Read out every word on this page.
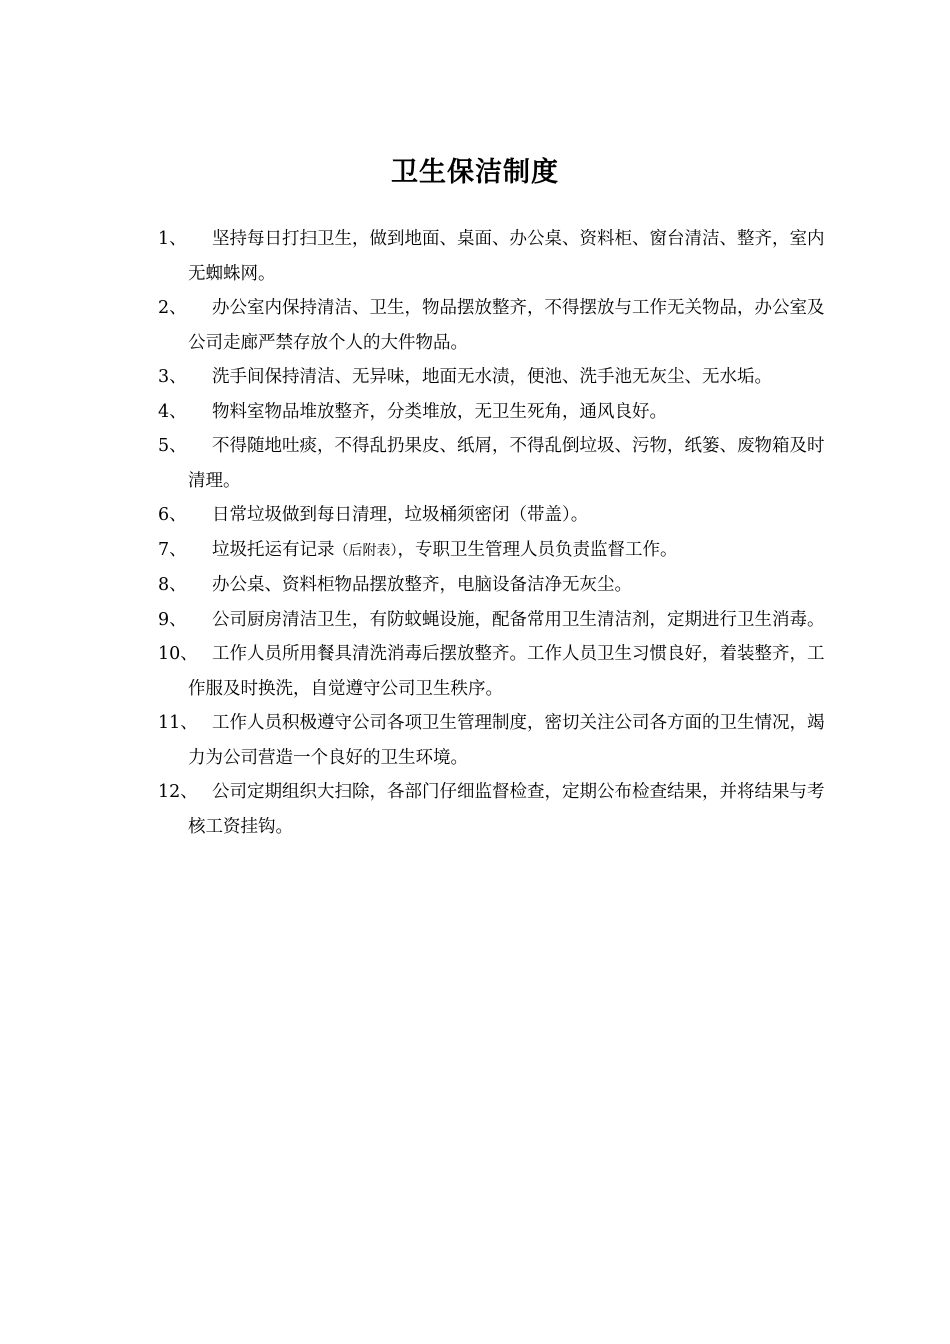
卫生保洁制度
1、	坚持每日打扫卫生，做到地面、桌面、办公桌、资料柜、窗台清洁、整齐，室内无蜘蛛网。
2、	办公室内保持清洁、卫生，物品摆放整齐，不得摆放与工作无关物品，办公室及公司走廊严禁存放个人的大件物品。
3、	洗手间保持清洁、无异味，地面无水渍，便池、洗手池无灰尘、无水垢。
4、	物料室物品堆放整齐，分类堆放，无卫生死角，通风良好。
5、	不得随地吐痰，不得乱扔果皮、纸屑，不得乱倒垃圾、污物，纸篓、废物箱及时清理。
6、	日常垃圾做到每日清理，垃圾桶须密闭（带盖）。
7、	垃圾托运有记录（后附表），专职卫生管理人员负责监督工作。
8、	办公桌、资料柜物品摆放整齐，电脑设备洁净无灰尘。
9、	公司厨房清洁卫生，有防蚊蝇设施，配备常用卫生清洁剂，定期进行卫生消毒。
10、 工作人员所用餐具清洗消毒后摆放整齐。工作人员卫生习惯良好，着装整齐，工作服及时换洗，自觉遵守公司卫生秩序。
11、 工作人员积极遵守公司各项卫生管理制度，密切关注公司各方面的卫生情况，竭力为公司营造一个良好的卫生环境。
12、 公司定期组织大扫除，各部门仔细监督检查，定期公布检查结果，并将结果与考核工资挂钩。
